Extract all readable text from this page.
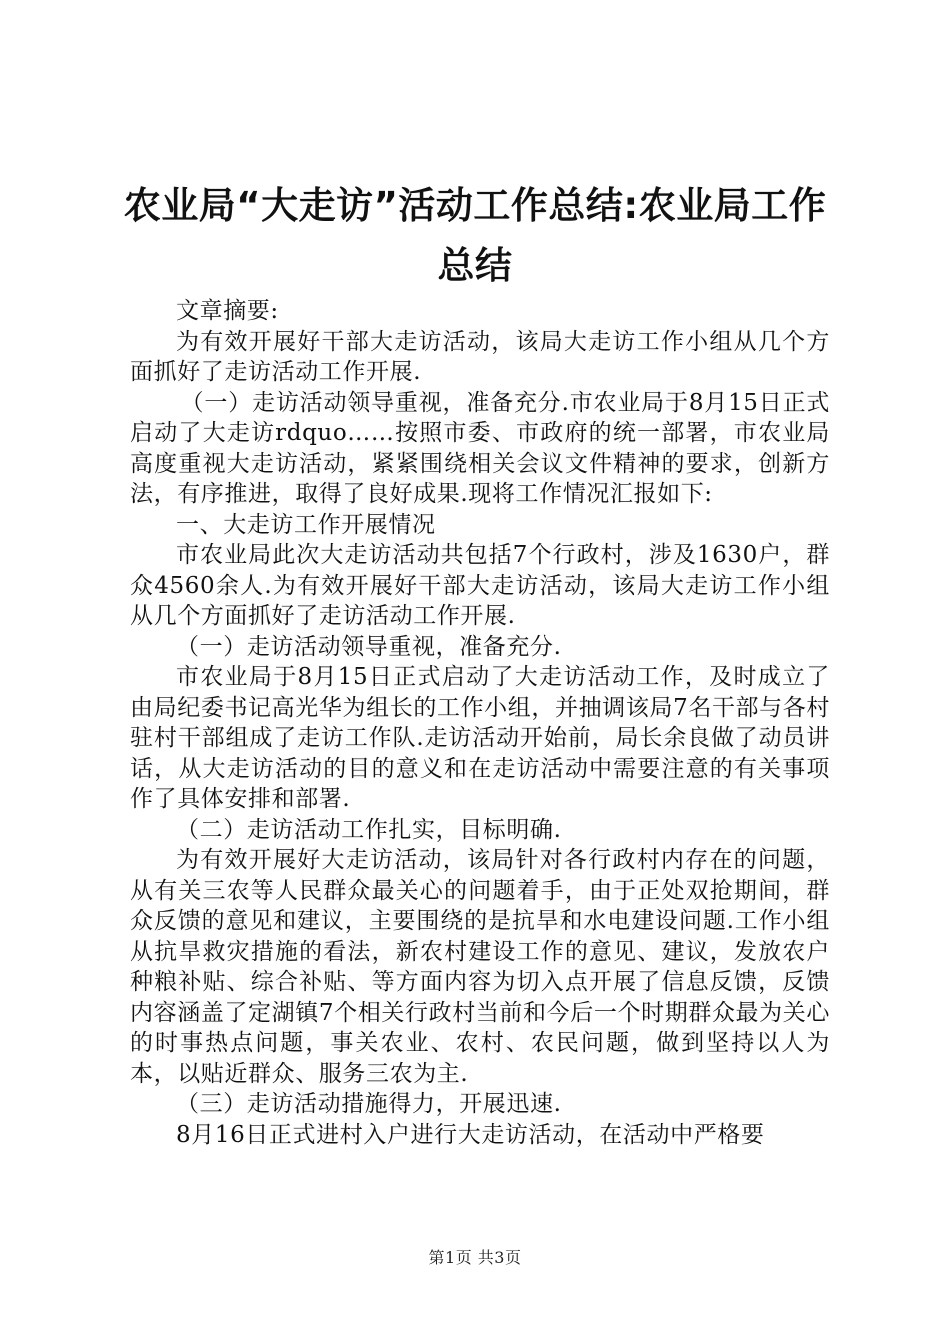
农业局“大走访”活动工作总结:农业局工作总结

文章摘要:

为有效开展好干部大走访活动，该局大走访工作小组从几个方面抓好了走访活动工作开展.

（一）走访活动领导重视，准备充分.市农业局于8月15日正式启动了大走访rdquo……按照市委、市政府的统一部署，市农业局高度重视大走访活动，紧紧围绕相关会议文件精神的要求，创新方法，有序推进，取得了良好成果.现将工作情况汇报如下:

一、大走访工作开展情况

市农业局此次大走访活动共包括7个行政村，涉及1630户，群众4560余人.为有效开展好干部大走访活动，该局大走访工作小组从几个方面抓好了走访活动工作开展.

（一）走访活动领导重视，准备充分.

市农业局于8月15日正式启动了大走访活动工作，及时成立了由局纪委书记高光华为组长的工作小组，并抽调该局7名干部与各村驻村干部组成了走访工作队.走访活动开始前，局长余良做了动员讲话，从大走访活动的目的意义和在走访活动中需要注意的有关事项作了具体安排和部署.

（二）走访活动工作扎实，目标明确.

为有效开展好大走访活动，该局针对各行政村内存在的问题，从有关三农等人民群众最关心的问题着手，由于正处双抢期间，群众反馈的意见和建议，主要围绕的是抗旱和水电建设问题.工作小组从抗旱救灾措施的看法，新农村建设工作的意见、建议，发放农户种粮补贴、综合补贴、等方面内容为切入点开展了信息反馈，反馈内容涵盖了定湖镇7个相关行政村当前和今后一个时期群众最为关心的时事热点问题，事关农业、农村、农民问题，做到坚持以人为本，以贴近群众、服务三农为主.

（三）走访活动措施得力，开展迅速.

8月16日正式进村入户进行大走访活动，在活动中严格要

第1页 共3页
